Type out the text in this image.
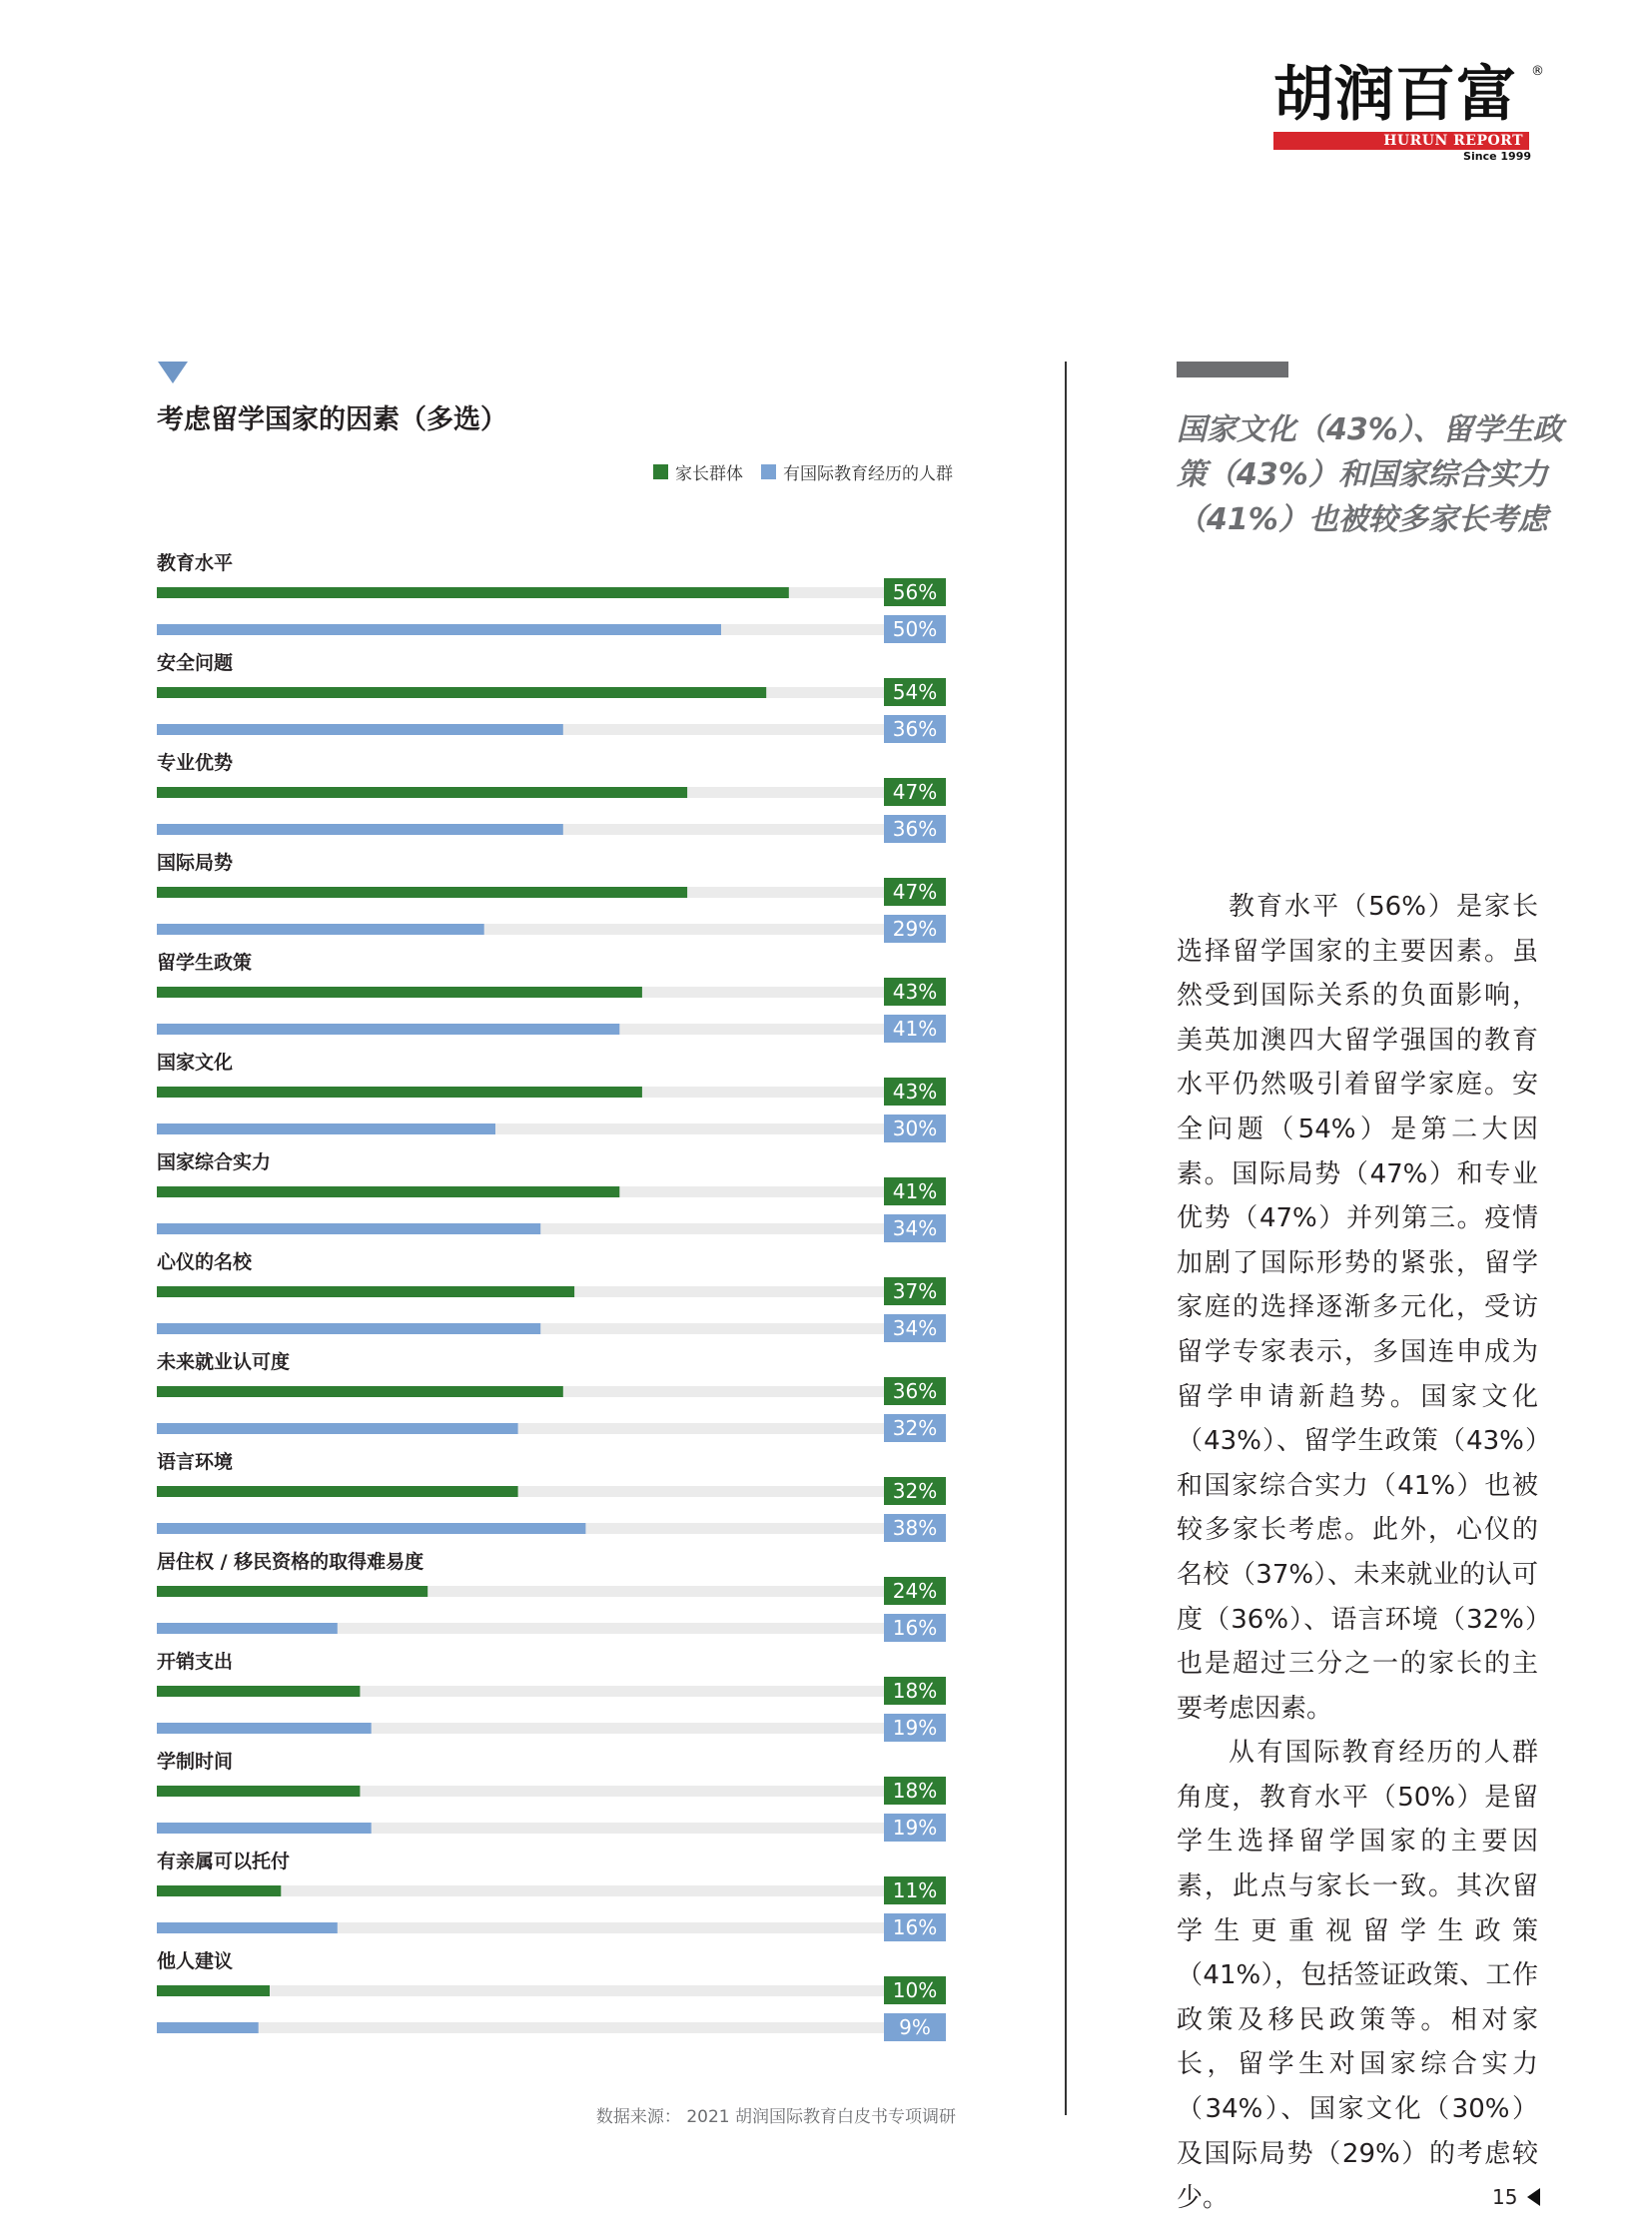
胡润百富 ®
HURUN REPORT
Since 1999
考虑留学国家的因素（多选）
家长群体 有国际教育经历的人群
教育水平
56%
50%
安全问题
54%
36%
专业优势
47%
36%
国际局势
47%
29%
留学生政策
43%
41%
国家文化
43%
30%
国家综合实力
41%
34%
心仪的名校
37%
34%
未来就业认可度
36%
32%
语言环境
32%
38%
居住权 / 移民资格的取得难易度
24%
16%
开销支出
18%
19%
学制时间
18%
19%
有亲属可以托付
11%
16%
他人建议
10%
9%
数据来源： 2021 胡润国际教育白皮书专项调研
国家文化（43%）、留学生政策（43%）和国家综合实力（41%）也被较多家长考虑

教育水平（56%）是家长选择留学国家的主要因素。虽然受到国际关系的负面影响，美英加澳四大留学强国的教育水平仍然吸引着留学家庭。安全问题（54%）是第二大因素。国际局势（47%）和专业优势（47%）并列第三。疫情加剧了国际形势的紧张，留学家庭的选择逐渐多元化，受访留学专家表示，多国连申成为留学申请新趋势。国家文化（43%）、留学生政策（43%）和国家综合实力（41%）也被较多家长考虑。此外，心仪的名校（37%）、未来就业的认可度（36%）、语言环境（32%）也是超过三分之一的家长的主要考虑因素。

从有国际教育经历的人群角度，教育水平（50%）是留学生选择留学国家的主要因素，此点与家长一致。其次留学生更重视留学生政策（41%），包括签证政策、工作政策及移民政策等。相对家长，留学生对国家综合实力（34%）、国家文化（30%）及国际局势（29%）的考虑较少。	15
